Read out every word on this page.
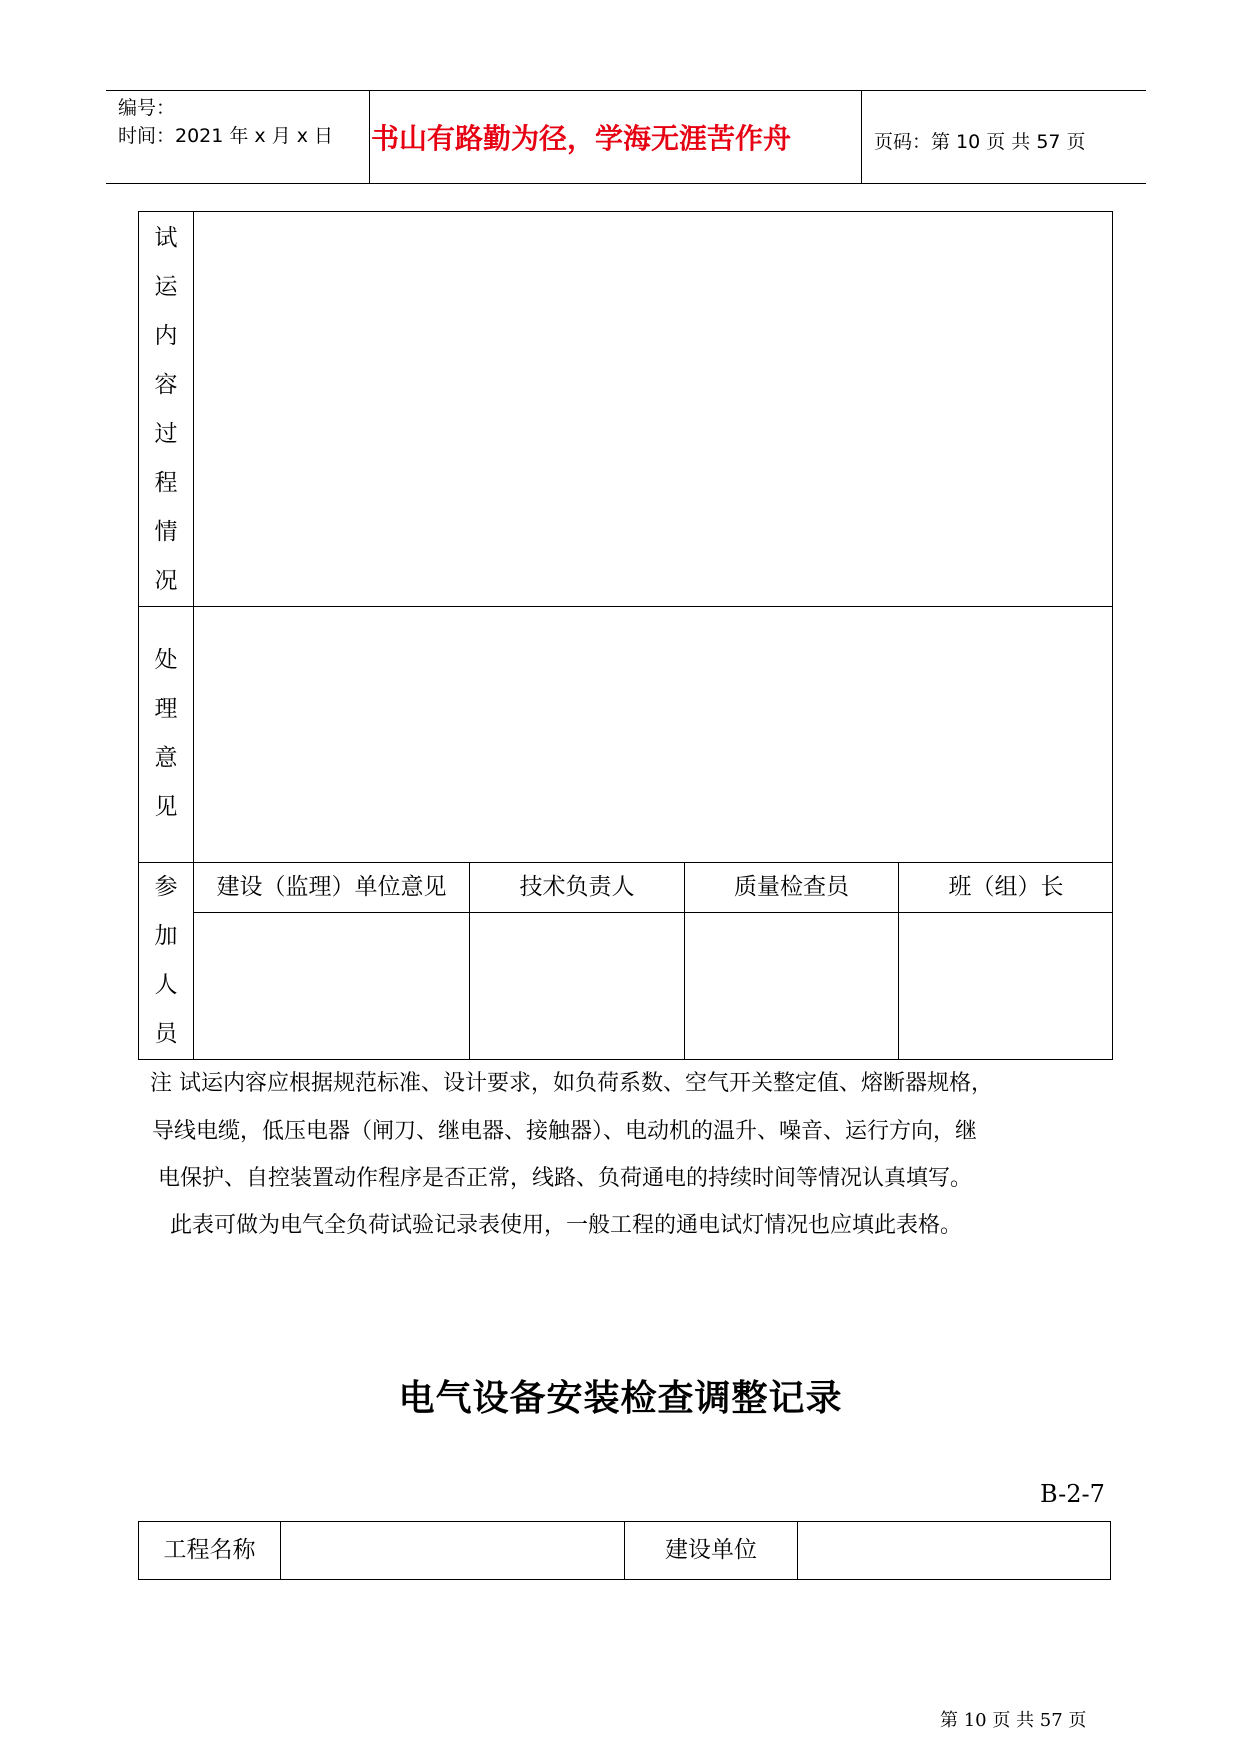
编号：
时间：2021 年 x 月 x 日 书山有路勤为径，学海无涯苦作舟	页码：第 10 页 共 57 页
试
运
内
容
过
程
情
况
处
理
意
见
参
加
人
员
建设（监理）单位意见	技术负责人	质量检查员	班（组）长
注 试运内容应根据规范标准、设计要求，如负荷系数、空气开关整定值、熔断器规格，
导线电缆，低压电器（闸刀、继电器、接触器）、电动机的温升、噪音、运行方向，继
电保护、自控装置动作程序是否正常，线路、负荷通电的持续时间等情况认真填写。
此表可做为电气全负荷试验记录表使用，一般工程的通电试灯情况也应填此表格。
电气设备安装检查调整记录
B-2-7
工程名称	建设单位
第 10 页 共 57 页
